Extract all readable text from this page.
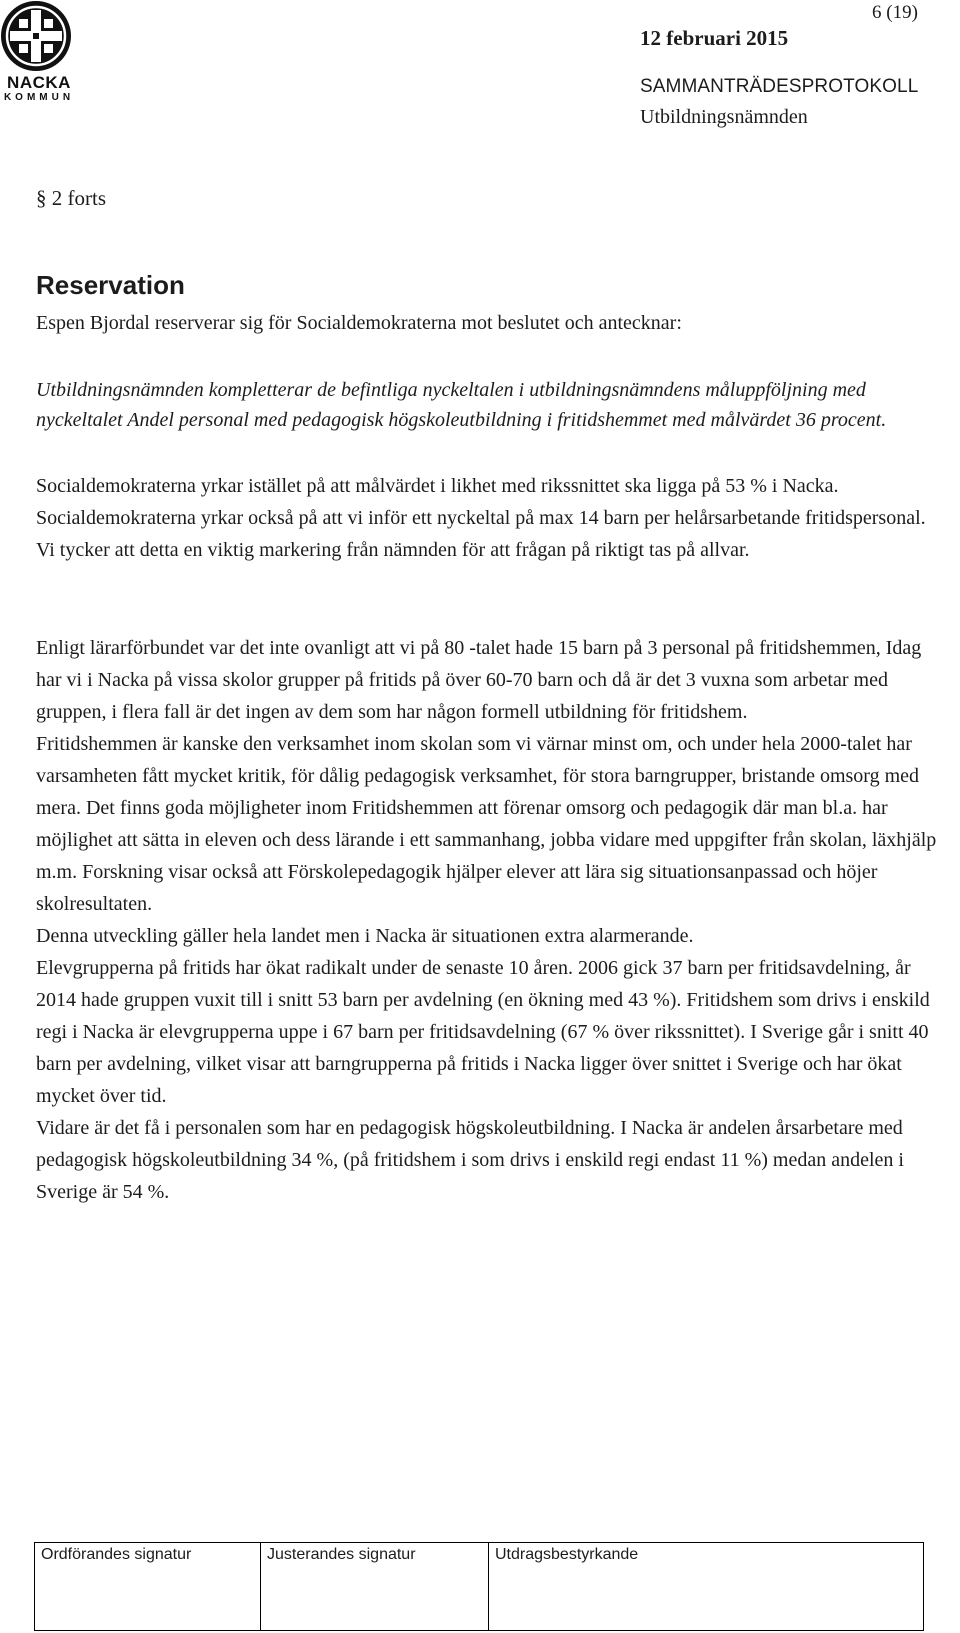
NACKA
KOMMUN
6 (19)
12 februari 2015
SAMMANTRÄDESPROTOKOLL
Utbildningsnämnden
§ 2 forts
Reservation

Espen Bjordal reserverar sig för Socialdemokraterna mot beslutet och antecknar:

Utbildningsnämnden kompletterar de befintliga nyckeltalen i utbildningsnämndens måluppföljning med nyckeltalet Andel personal med pedagogisk högskoleutbildning i fritidshemmet med målvärdet 36 procent.

Socialdemokraterna yrkar istället på att målvärdet i likhet med rikssnittet ska ligga på 53 % i Nacka. Socialdemokraterna yrkar också på att vi inför ett nyckeltal på max 14 barn per helårsarbetande fritidspersonal.
Vi tycker att detta en viktig markering från nämnden för att frågan på riktigt tas på allvar.
Enligt lärarförbundet var det inte ovanligt att vi på 80 -talet hade 15 barn på 3 personal på fritidshemmen, Idag har vi i Nacka på vissa skolor grupper på fritids på över 60-70 barn och då är det 3 vuxna som arbetar med gruppen, i flera fall är det ingen av dem som har någon formell utbildning för fritidshem.
Fritidshemmen är kanske den verksamhet inom skolan som vi värnar minst om, och under hela 2000-talet har varsamheten fått mycket kritik, för dålig pedagogisk verksamhet, för stora barngrupper, bristande omsorg med mera. Det finns goda möjligheter inom Fritidshemmen att förenar omsorg och pedagogik där man bl.a. har möjlighet att sätta in eleven och dess lärande i ett sammanhang, jobba vidare med uppgifter från skolan, läxhjälp m.m. Forskning visar också att Förskolepedagogik hjälper elever att lära sig situationsanpassad och höjer skolresultaten.
Denna utveckling gäller hela landet men i Nacka är situationen extra alarmerande.
Elevgrupperna på fritids har ökat radikalt under de senaste 10 åren. 2006 gick 37 barn per fritidsavdelning, år 2014 hade gruppen vuxit till i snitt 53 barn per avdelning (en ökning med 43 %). Fritidshem som drivs i enskild regi i Nacka är elevgrupperna uppe i 67 barn per fritidsavdelning (67 % över rikssnittet). I Sverige går i snitt 40 barn per avdelning, vilket visar att barngrupperna på fritids i Nacka ligger över snittet i Sverige och har ökat mycket över tid.
Vidare är det få i personalen som har en pedagogisk högskoleutbildning. I Nacka är andelen årsarbetare med pedagogisk högskoleutbildning 34 %, (på fritidshem i som drivs i enskild regi endast 11 %) medan andelen i Sverige är 54 %.
Ordförandes signatur	Justerandes signatur	Utdragsbestyrkande
